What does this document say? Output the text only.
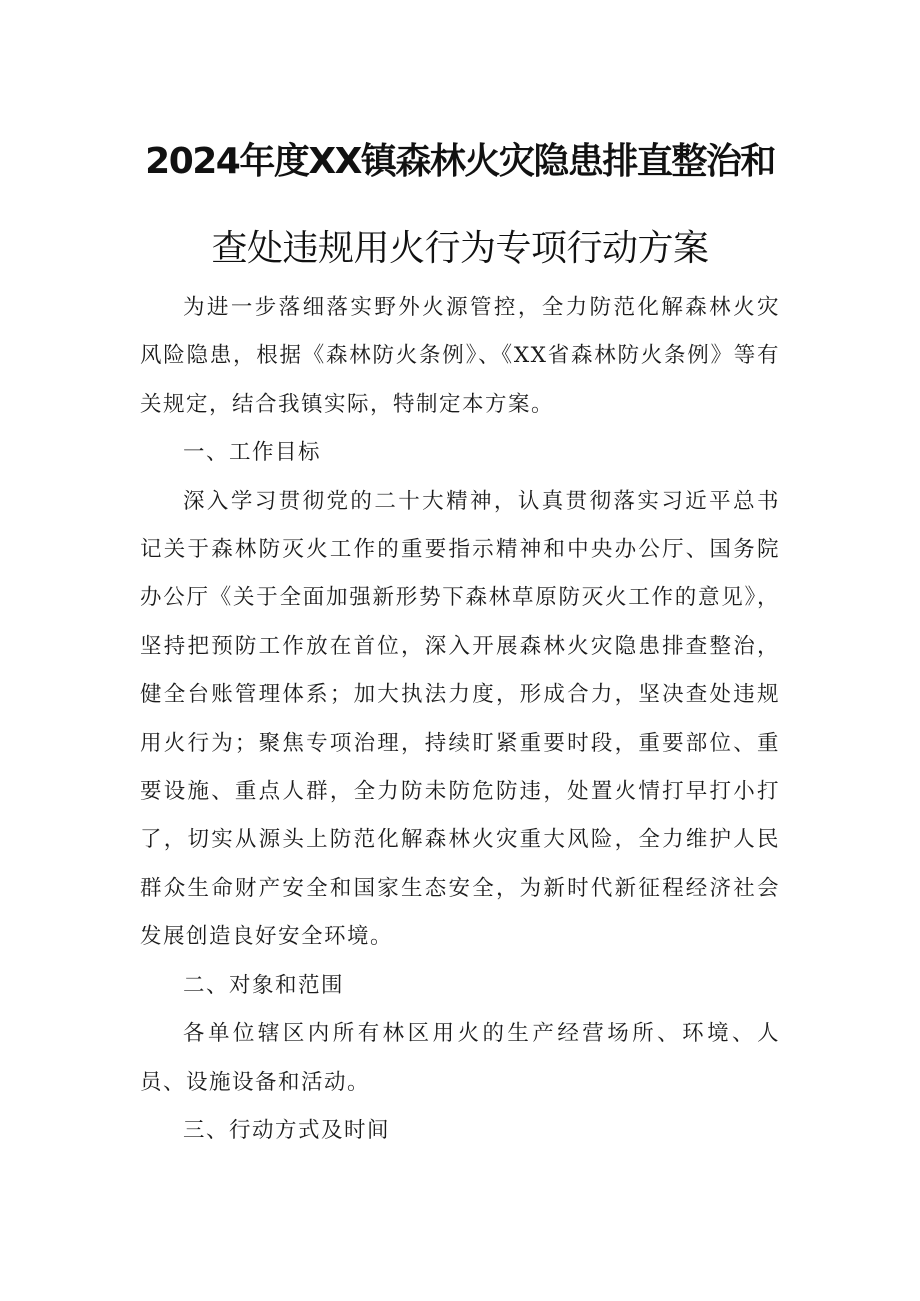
2024年度XX镇森林火灾隐患排直整治和
查处违规用火行为专项行动方案

为进一步落细落实野外火源管控，全力防范化解森林火灾风险隐患，根据《森林防火条例》、《XX省森林防火条例》等有关规定，结合我镇实际，特制定本方案。

一、工作目标

深入学习贯彻党的二十大精神，认真贯彻落实习近平总书记关于森林防灭火工作的重要指示精神和中央办公厅、国务院办公厅《关于全面加强新形势下森林草原防灭火工作的意见》，坚持把预防工作放在首位，深入开展森林火灾隐患排查整治，健全台账管理体系；加大执法力度，形成合力，坚决查处违规用火行为；聚焦专项治理，持续盯紧重要时段，重要部位、重要设施、重点人群，全力防未防危防违，处置火情打早打小打了，切实从源头上防范化解森林火灾重大风险，全力维护人民群众生命财产安全和国家生态安全，为新时代新征程经济社会发展创造良好安全环境。

二、对象和范围

各单位辖区内所有林区用火的生产经营场所、环境、人员、设施设备和活动。

三、行动方式及时间
